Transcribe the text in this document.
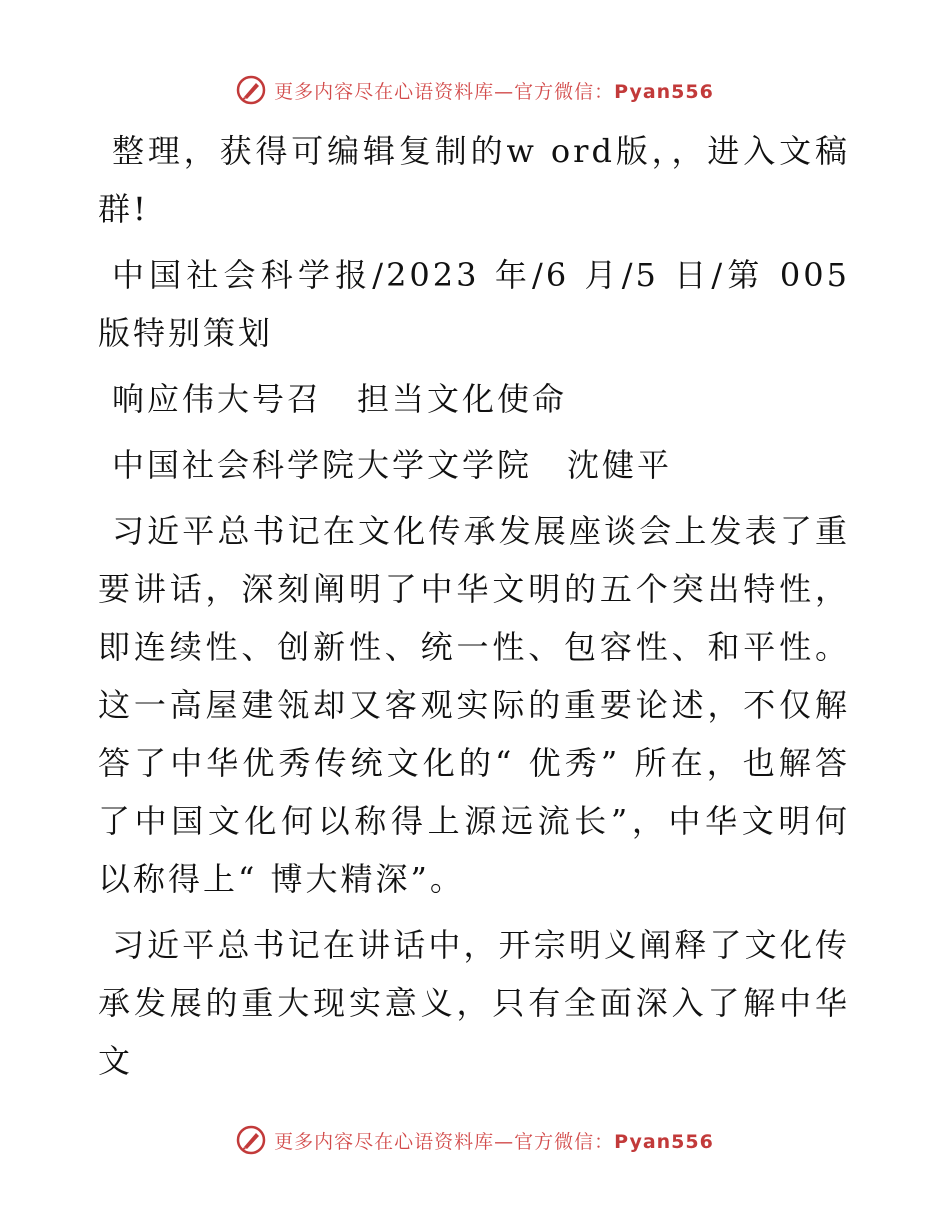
更多内容尽在心语资料库—官方微信：Pyan556

整理，获得可编辑复制的w ord版，，进入文稿群!

中国社会科学报/2023 年/6 月/5 日/第 005 版特别策划

响应伟大号召　担当文化使命

中国社会科学院大学文学院　沈健平

习近平总书记在文化传承发展座谈会上发表了重要讲话，深刻阐明了中华文明的五个突出特性，即连续性、创新性、统一性、包容性、和平性。这一高屋建瓴却又客观实际的重要论述，不仅解答了中华优秀传统文化的“ 优秀” 所在，也解答了中国文化何以称得上源远流长”，中华文明何以称得上“ 博大精深”。

习近平总书记在讲话中，开宗明义阐释了文化传承发展的重大现实意义，只有全面深入了解中华文

更多内容尽在心语资料库—官方微信：Pyan556
